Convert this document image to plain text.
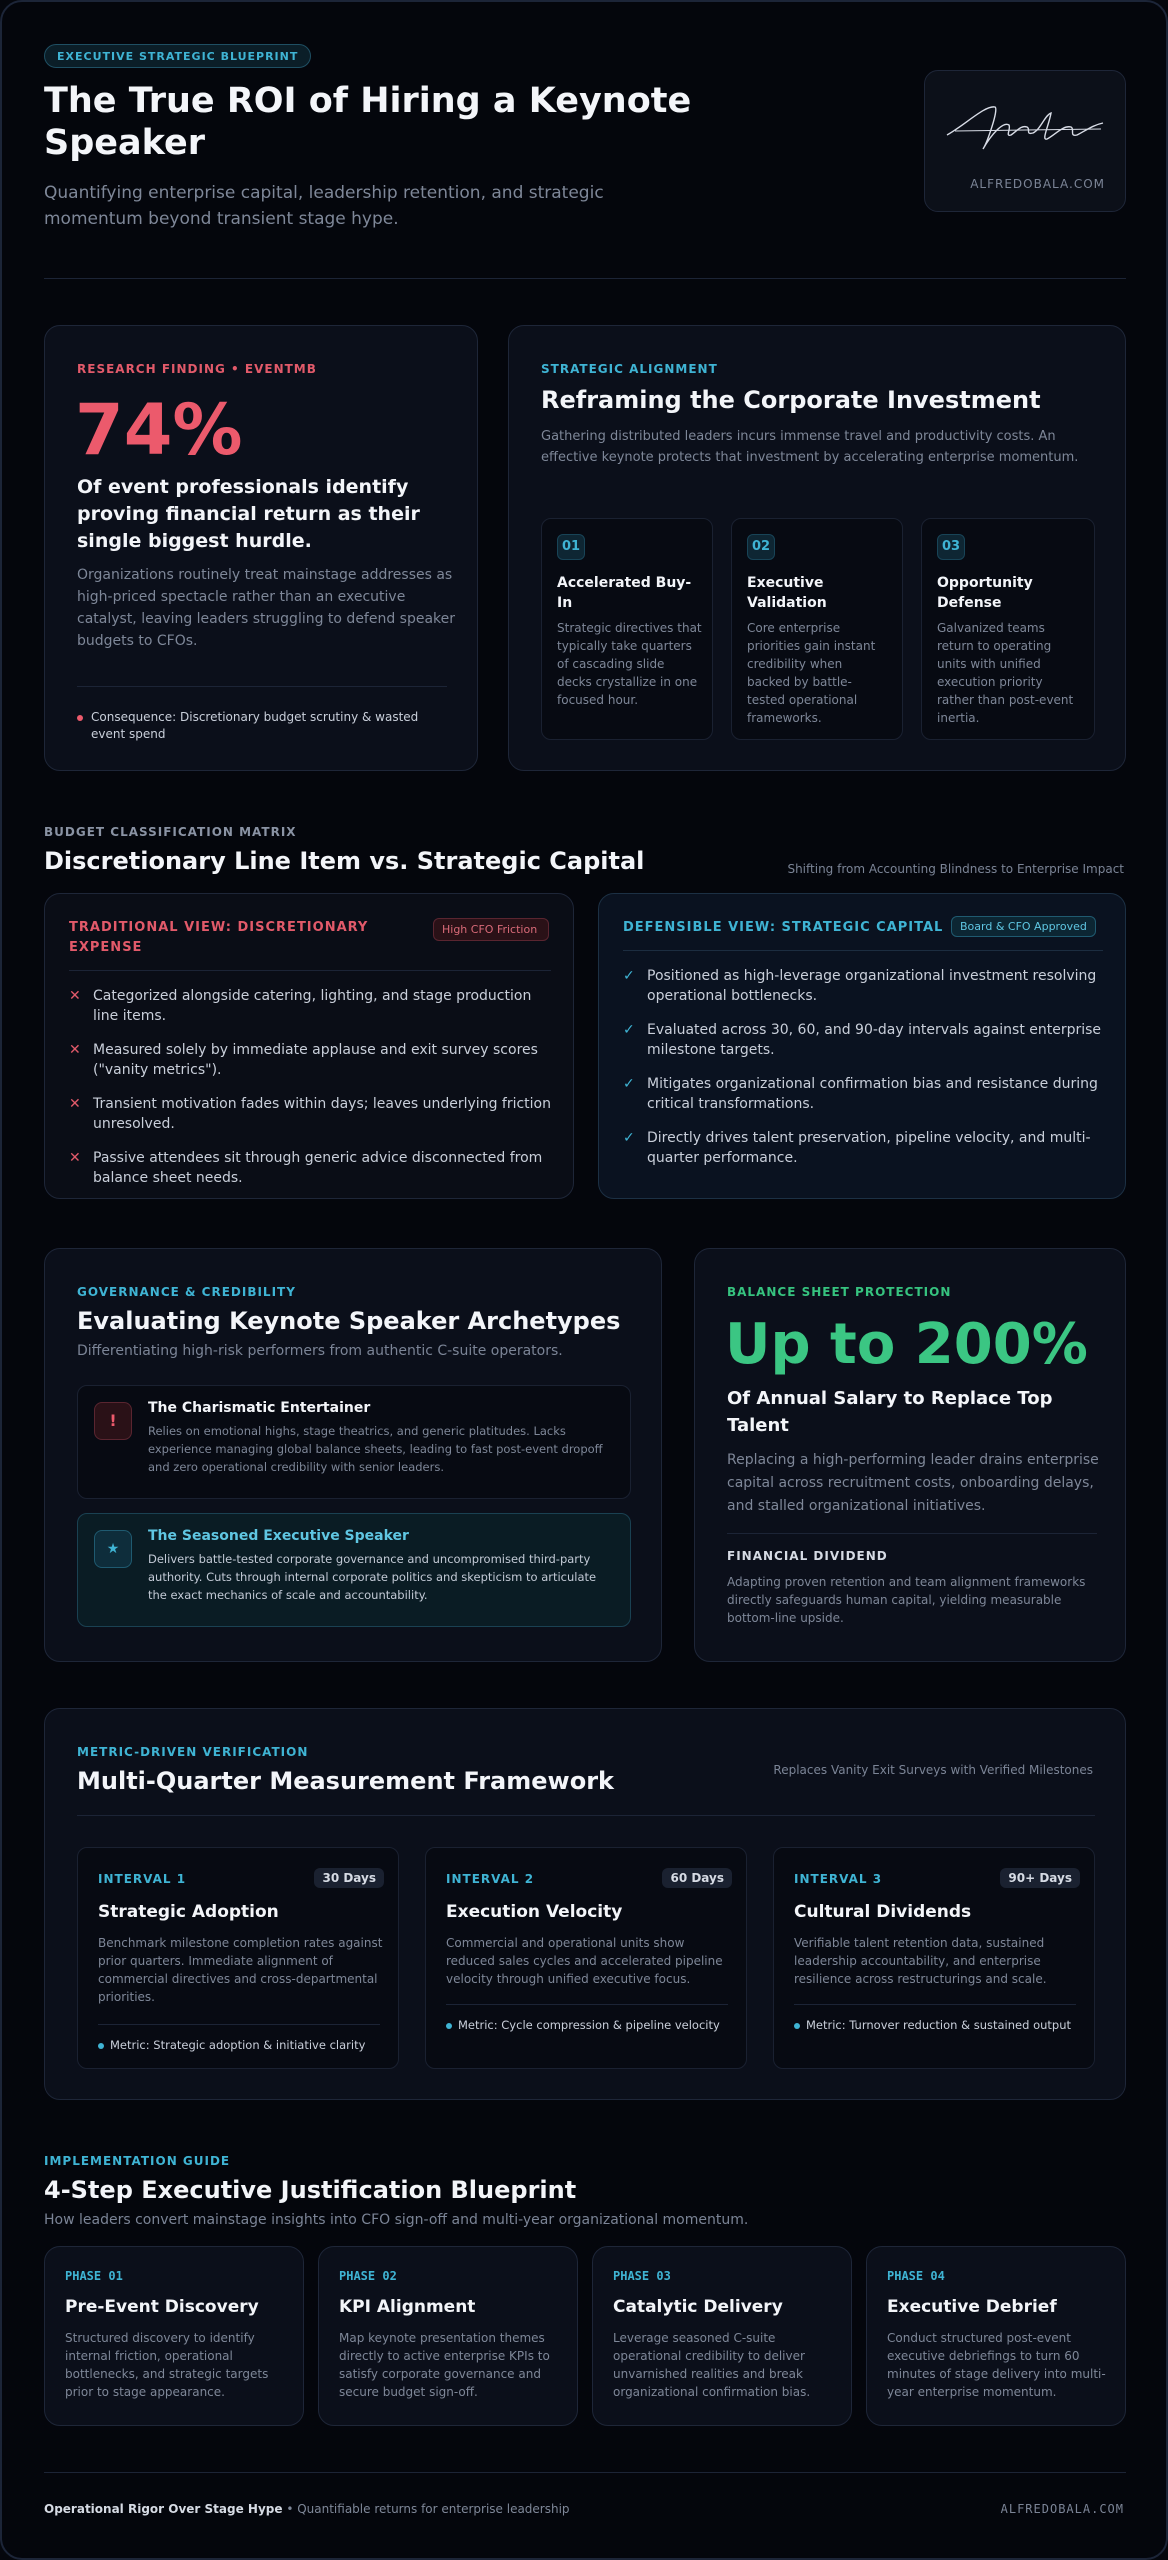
EXECUTIVE STRATEGIC BLUEPRINT
The True ROI of Hiring a Keynote Speaker
Quantifying enterprise capital, leadership retention, and strategic momentum beyond transient stage hype.
ALFREDOBALA.COM
RESEARCH FINDING • EVENTMB
74%
Of event professionals identify proving financial return as their single biggest hurdle.
Organizations routinely treat mainstage addresses as high-priced spectacle rather than an executive catalyst, leaving leaders struggling to defend speaker budgets to CFOs.
Consequence: Discretionary budget scrutiny & wasted event spend
STRATEGIC ALIGNMENT
Reframing the Corporate Investment
Gathering distributed leaders incurs immense travel and productivity costs. An effective keynote protects that investment by accelerating enterprise momentum.
01
Accelerated Buy-In
Strategic directives that typically take quarters of cascading slide decks crystallize in one focused hour.
02
Executive Validation
Core enterprise priorities gain instant credibility when backed by battle-tested operational frameworks.
03
Opportunity Defense
Galvanized teams return to operating units with unified execution priority rather than post-event inertia.
BUDGET CLASSIFICATION MATRIX
Discretionary Line Item vs. Strategic Capital	Shifting from Accounting Blindness to Enterprise Impact
TRADITIONAL VIEW: DISCRETIONARY EXPENSE
High CFO Friction
✕ Categorized alongside catering, lighting, and stage production line items.
✕ Measured solely by immediate applause and exit survey scores ("vanity metrics").
✕ Transient motivation fades within days; leaves underlying friction unresolved.
✕ Passive attendees sit through generic advice disconnected from balance sheet needs.
DEFENSIBLE VIEW: STRATEGIC CAPITAL	Board & CFO Approved
✓ Positioned as high-leverage organizational investment resolving operational bottlenecks.
✓ Evaluated across 30, 60, and 90-day intervals against enterprise milestone targets.
✓ Mitigates organizational confirmation bias and resistance during critical transformations.
✓ Directly drives talent preservation, pipeline velocity, and multi-quarter performance.
GOVERNANCE & CREDIBILITY
Evaluating Keynote Speaker Archetypes
Differentiating high-risk performers from authentic C-suite operators.
!
The Charismatic Entertainer
Relies on emotional highs, stage theatrics, and generic platitudes. Lacks experience managing global balance sheets, leading to fast post-event dropoff and zero operational credibility with senior leaders.
★
The Seasoned Executive Speaker
Delivers battle-tested corporate governance and uncompromised third-party authority. Cuts through internal corporate politics and skepticism to articulate the exact mechanics of scale and accountability.
BALANCE SHEET PROTECTION
Up to 200%
Of Annual Salary to Replace Top Talent
Replacing a high-performing leader drains enterprise capital across recruitment costs, onboarding delays, and stalled organizational initiatives.
FINANCIAL DIVIDEND
Adapting proven retention and team alignment frameworks directly safeguards human capital, yielding measurable bottom-line upside.
METRIC-DRIVEN VERIFICATION
Multi-Quarter Measurement Framework	Replaces Vanity Exit Surveys with Verified Milestones
INTERVAL 1	30 Days
Strategic Adoption
Benchmark milestone completion rates against prior quarters. Immediate alignment of commercial directives and cross-departmental priorities.
Metric: Strategic adoption & initiative clarity
INTERVAL 2	60 Days
Execution Velocity
Commercial and operational units show reduced sales cycles and accelerated pipeline velocity through unified executive focus.
Metric: Cycle compression & pipeline velocity
INTERVAL 3	90+ Days
Cultural Dividends
Verifiable talent retention data, sustained leadership accountability, and enterprise resilience across restructurings and scale.
Metric: Turnover reduction & sustained output
IMPLEMENTATION GUIDE
4-Step Executive Justification Blueprint
How leaders convert mainstage insights into CFO sign-off and multi-year organizational momentum.
PHASE 01
Pre-Event Discovery
Structured discovery to identify internal friction, operational bottlenecks, and strategic targets prior to stage appearance.
PHASE 02
KPI Alignment
Map keynote presentation themes directly to active enterprise KPIs to satisfy corporate governance and secure budget sign-off.
PHASE 03
Catalytic Delivery
Leverage seasoned C-suite operational credibility to deliver unvarnished realities and break organizational confirmation bias.
PHASE 04
Executive Debrief
Conduct structured post-event executive debriefings to turn 60 minutes of stage delivery into multi-year enterprise momentum.
Operational Rigor Over Stage Hype • Quantifiable returns for enterprise leadership	ALFREDOBALA.COM
